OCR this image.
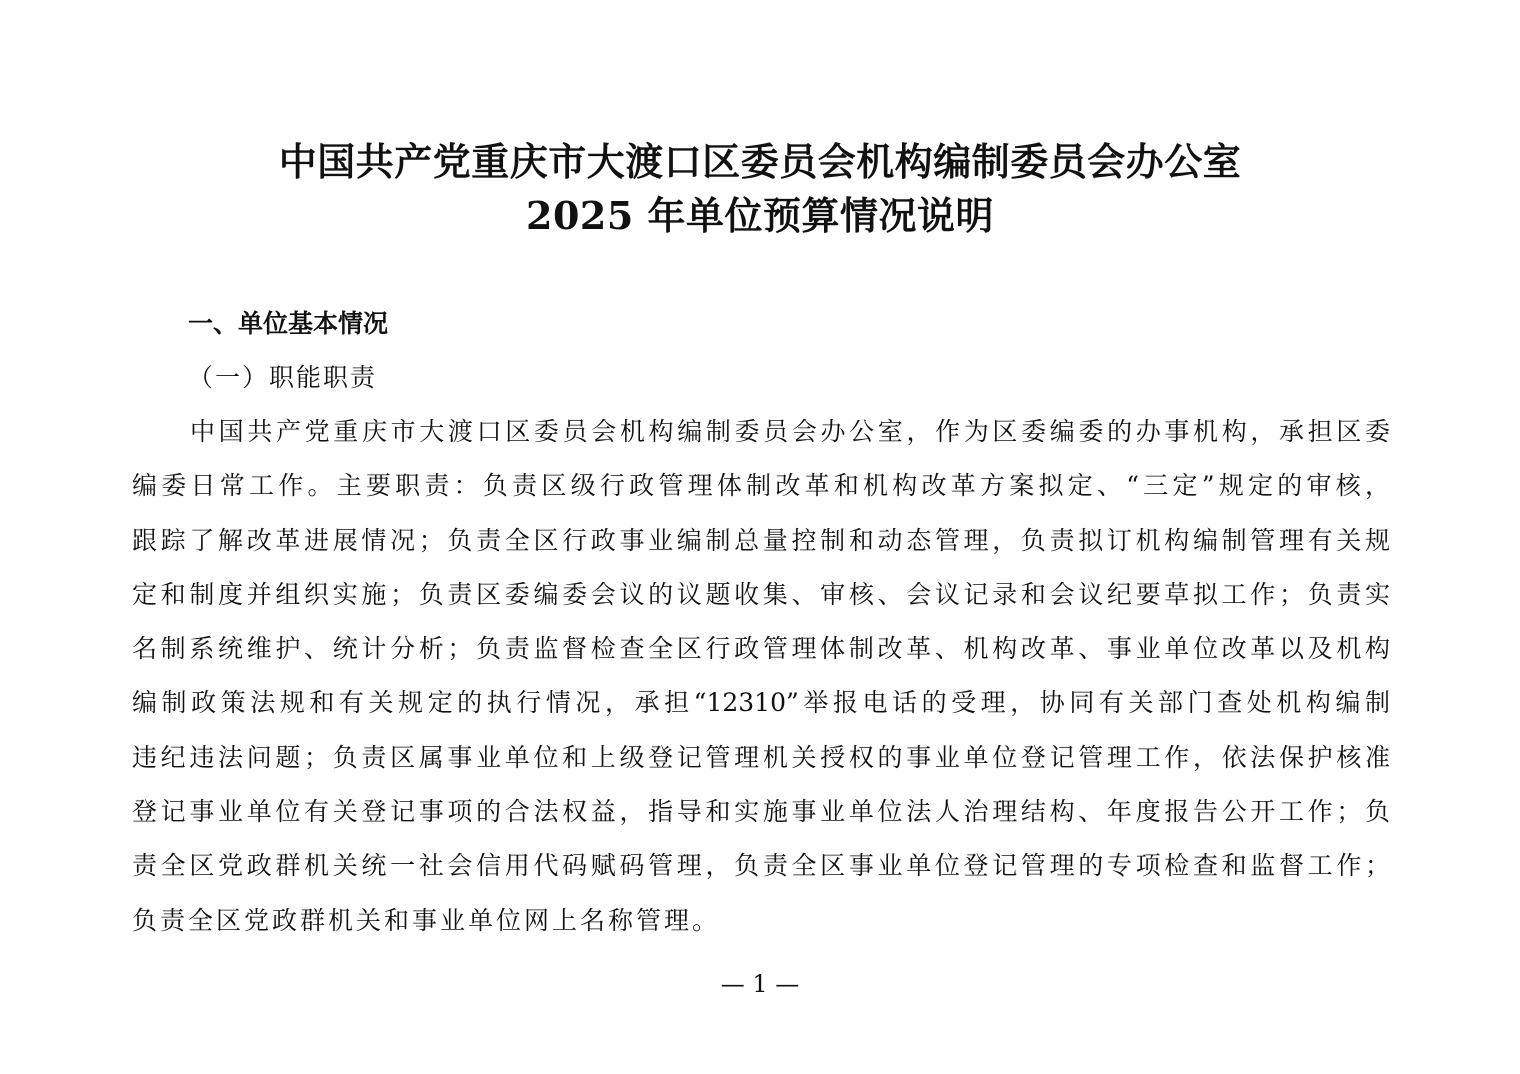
中国共产党重庆市大渡口区委员会机构编制委员会办公室
2025 年单位预算情况说明
一、单位基本情况
（一）职能职责
中国共产党重庆市大渡口区委员会机构编制委员会办公室，作为区委编委的办事机构，承担区委
编委日常工作。主要职责：负责区级行政管理体制改革和机构改革方案拟定、“三定”规定的审核，
跟踪了解改革进展情况；负责全区行政事业编制总量控制和动态管理，负责拟订机构编制管理有关规
定和制度并组织实施；负责区委编委会议的议题收集、审核、会议记录和会议纪要草拟工作；负责实
名制系统维护、统计分析；负责监督检查全区行政管理体制改革、机构改革、事业单位改革以及机构
编制政策法规和有关规定的执行情况，承担“12310”举报电话的受理，协同有关部门查处机构编制
违纪违法问题；负责区属事业单位和上级登记管理机关授权的事业单位登记管理工作，依法保护核准
登记事业单位有关登记事项的合法权益，指导和实施事业单位法人治理结构、年度报告公开工作；负
责全区党政群机关统一社会信用代码赋码管理，负责全区事业单位登记管理的专项检查和监督工作；
负责全区党政群机关和事业单位网上名称管理。
— 1 —
